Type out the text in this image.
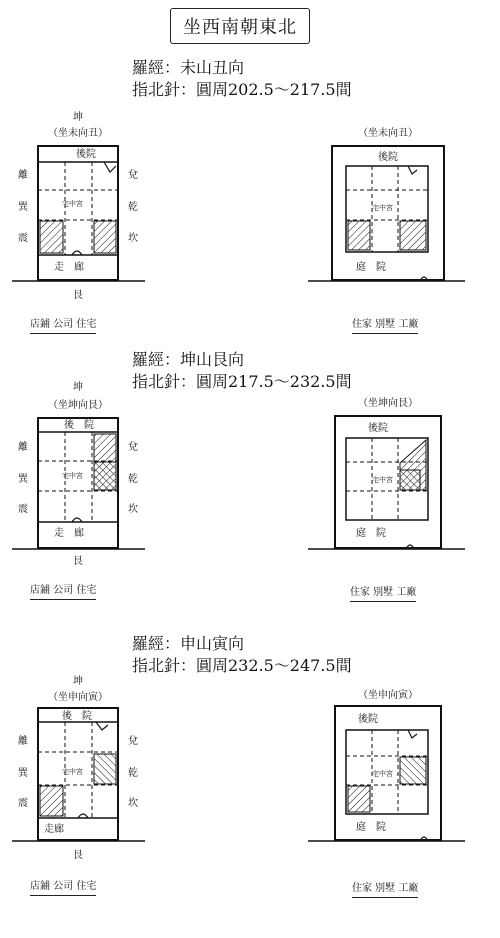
坐西南朝東北
羅經：未山丑向
指北針：圓周202.5～217.5間
坤
（坐未向丑）
後院
宅中宮
走　廊
艮
離
巽
震
兌
乾
坎
店鋪 公司 住宅
（坐未向丑）
後院
宅中宮
庭　院
住家 別墅 工廠
羅經：坤山艮向
指北針：圓周217.5～232.5間
坤
（坐坤向艮）
後　院
宅中宮
走　廊
艮
離
巽
震
兌
乾
坎
店鋪 公司 住宅
（坐坤向艮）
後院
宅中宮
庭　院
住家 別墅 工廠
羅經：申山寅向
指北針：圓周232.5～247.5間
坤
（坐申向寅）
後　院
宅中宮
走廊
艮
離
巽
震
兌
乾
坎
店鋪 公司 住宅
（坐申向寅）
後院
宅中宮
庭　院
住家 別墅 工廠
